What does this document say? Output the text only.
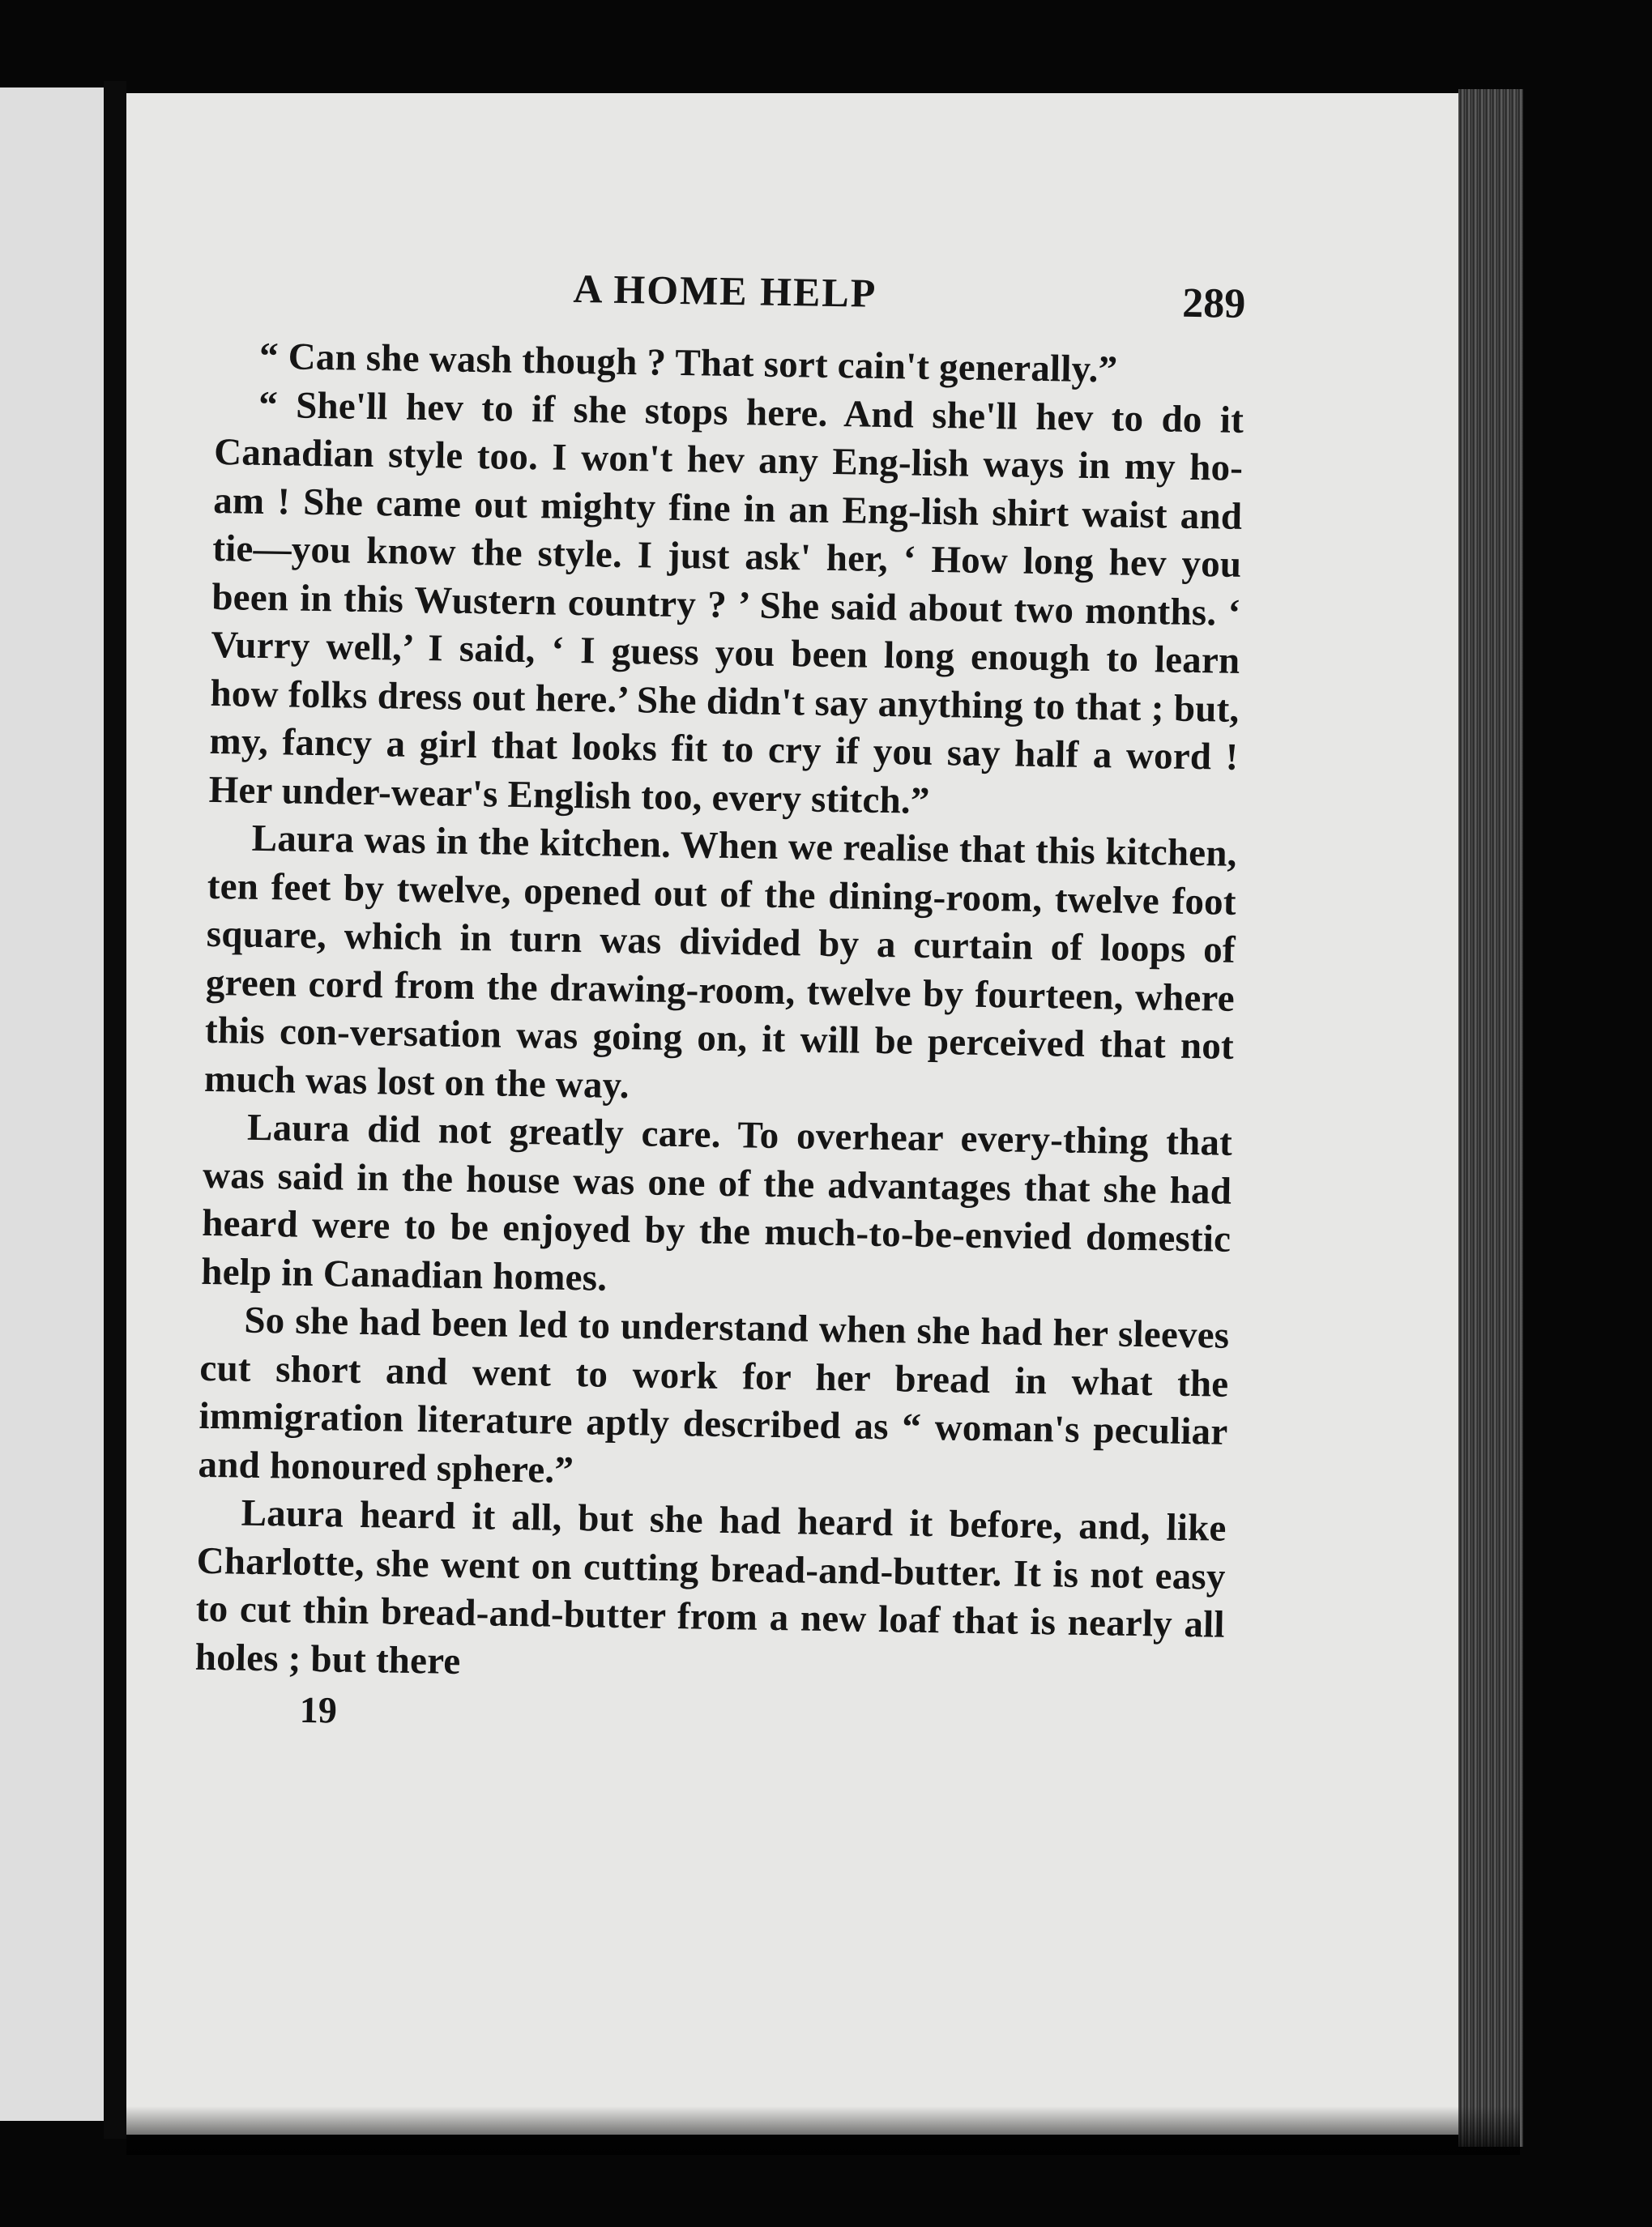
A HOME HELP	289

“ Can she wash though ? That sort cain't generally.”

“ She'll hev to if she stops here. And she'll hev to do it Canadian style too. I won't hev any Eng-lish ways in my ho-am ! She came out mighty fine in an Eng-lish shirt waist and tie—you know the style. I just ask' her, ‘ How long hev you been in this Wustern country ? ’ She said about two months. ‘ Vurry well,’ I said, ‘ I guess you been long enough to learn how folks dress out here.’ She didn't say anything to that ; but, my, fancy a girl that looks fit to cry if you say half a word ! Her under-wear's English too, every stitch.”

Laura was in the kitchen. When we realise that this kitchen, ten feet by twelve, opened out of the dining-room, twelve foot square, which in turn was divided by a curtain of loops of green cord from the drawing-room, twelve by fourteen, where this con-versation was going on, it will be perceived that not much was lost on the way.

Laura did not greatly care. To overhear every-thing that was said in the house was one of the advantages that she had heard were to be enjoyed by the much-to-be-envied domestic help in Canadian homes.

So she had been led to understand when she had her sleeves cut short and went to work for her bread in what the immigration literature aptly described as “ woman's peculiar and honoured sphere.”

Laura heard it all, but she had heard it before, and, like Charlotte, she went on cutting bread-and-butter. It is not easy to cut thin bread-and-butter from a new loaf that is nearly all holes ; but there

19
